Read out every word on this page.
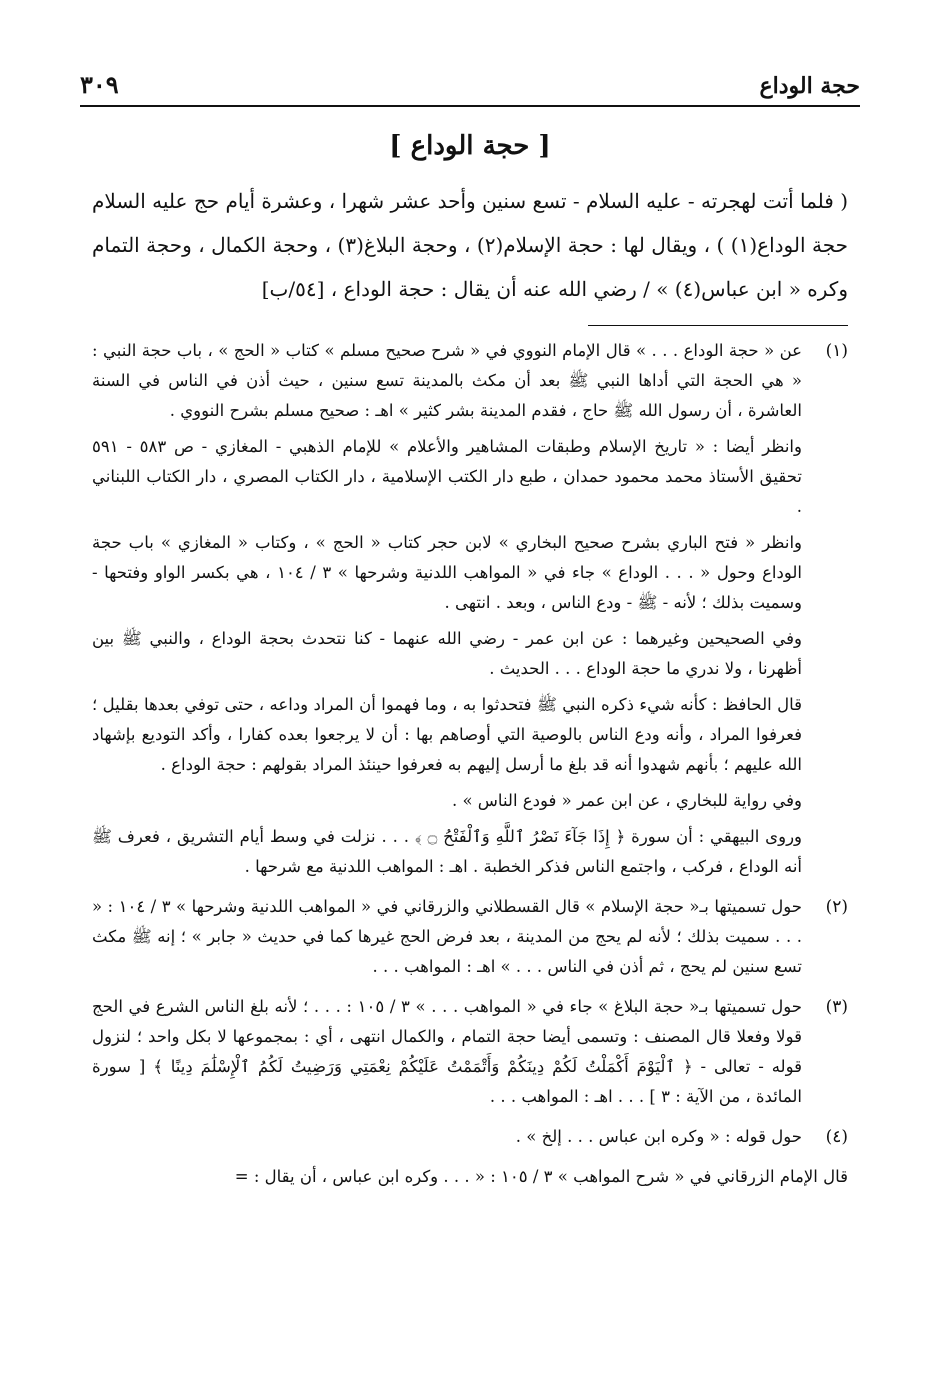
حجة الوداع
٣٠٩
[ حجة الوداع ]

( فلما أتت لهجرته - عليه السلام - تسع سنين وأحد عشر شهرا ، وعشرة أيام حج عليه السلام حجة الوداع(١) ) ، ويقال لها : حجة الإسلام(٢) ، وحجة البلاغ(٣) ، وحجة الكمال ، وحجة التمام وكره « ابن عباس(٤) » / رضي الله عنه أن يقال : حجة الوداع ، [٥٤/ب]

(١)

عن « حجة الوداع . . . » قال الإمام النووي في « شرح صحيح مسلم » كتاب « الحج » ، باب حجة النبي : « هي الحجة التي أداها النبي ﷺ بعد أن مكث بالمدينة تسع سنين ، حيث أذن في الناس في السنة العاشرة ، أن رسول الله ﷺ حاج ، فقدم المدينة بشر كثير » اهـ : صحيح مسلم بشرح النووي .

وانظر أيضا : « تاريخ الإسلام وطبقات المشاهير والأعلام » للإمام الذهبي - المغازي - ص ٥٨٣ - ٥٩١ تحقيق الأستاذ محمد محمود حمدان ، طبع دار الكتب الإسلامية ، دار الكتاب المصري ، دار الكتاب اللبناني .

وانظر « فتح الباري بشرح صحيح البخاري » لابن حجر كتاب « الحج » ، وكتاب « المغازي » باب حجة الوداع وحول « . . . الوداع » جاء في « المواهب اللدنية وشرحها » ٣ / ١٠٤ ، هي بكسر الواو وفتحها - وسميت بذلك ؛ لأنه - ﷺ - ودع الناس ، وبعد . انتهى .

وفي الصحيحين وغيرهما : عن ابن عمر - رضي الله عنهما - كنا نتحدث بحجة الوداع ، والنبي ﷺ بين أظهرنا ، ولا ندري ما حجة الوداع . . . الحديث .

قال الحافظ : كأنه شيء ذكره النبي ﷺ فتحدثوا به ، وما فهموا أن المراد وداعه ، حتى توفي بعدها بقليل ؛ فعرفوا المراد ، وأنه ودع الناس بالوصية التي أوصاهم بها : أن لا يرجعوا بعده كفارا ، وأكد التوديع بإشهاد الله عليهم ؛ بأنهم شهدوا أنه قد بلغ ما أرسل إليهم به فعرفوا حينئذ المراد بقولهم : حجة الوداع .

وفي رواية للبخاري ، عن ابن عمر « فودع الناس » .

وروى البيهقي : أن سورة ﴿ إِذَا جَآءَ نَصْرُ ٱللَّهِ وَٱلْفَتْحُ ۝ ﴾ . . . نزلت في وسط أيام التشريق ، فعرف ﷺ أنه الوداع ، فركب ، واجتمع الناس فذكر الخطبة . اهـ : المواهب اللدنية مع شرحها .

(٢)

حول تسميتها بـ« حجة الإسلام » قال القسطلاني والزرقاني في « المواهب اللدنية وشرحها » ٣ / ١٠٤ : « . . . سميت بذلك ؛ لأنه لم يحج من المدينة ، بعد فرض الحج غيرها كما في حديث « جابر » ؛ إنه ﷺ مكث تسع سنين لم يحج ، ثم أذن في الناس . . . » اهـ : المواهب . . .

(٣)

حول تسميتها بـ« حجة البلاغ » جاء في « المواهب . . . » ٣ / ١٠٥ : . . . ؛ لأنه بلغ الناس الشرع في الحج قولا وفعلا قال المصنف : وتسمى أيضا حجة التمام ، والكمال انتهى ، أي : بمجموعها لا بكل واحد ؛ لنزول قوله - تعالى - ﴿ ٱلْيَوْمَ أَكْمَلْتُ لَكُمْ دِينَكُمْ وَأَتْمَمْتُ عَلَيْكُمْ نِعْمَتِي وَرَضِيتُ لَكُمُ ٱلْإِسْلَٰمَ دِينًا ﴾ [ سورة المائدة ، من الآية : ٣ ] . . . اهـ : المواهب . . .

(٤)

حول قوله : « وكره ابن عباس . . . إلخ » .

قال الإمام الزرقاني في « شرح المواهب » ٣ / ١٠٥ : « . . . وكره ابن عباس ، أن يقال : =
